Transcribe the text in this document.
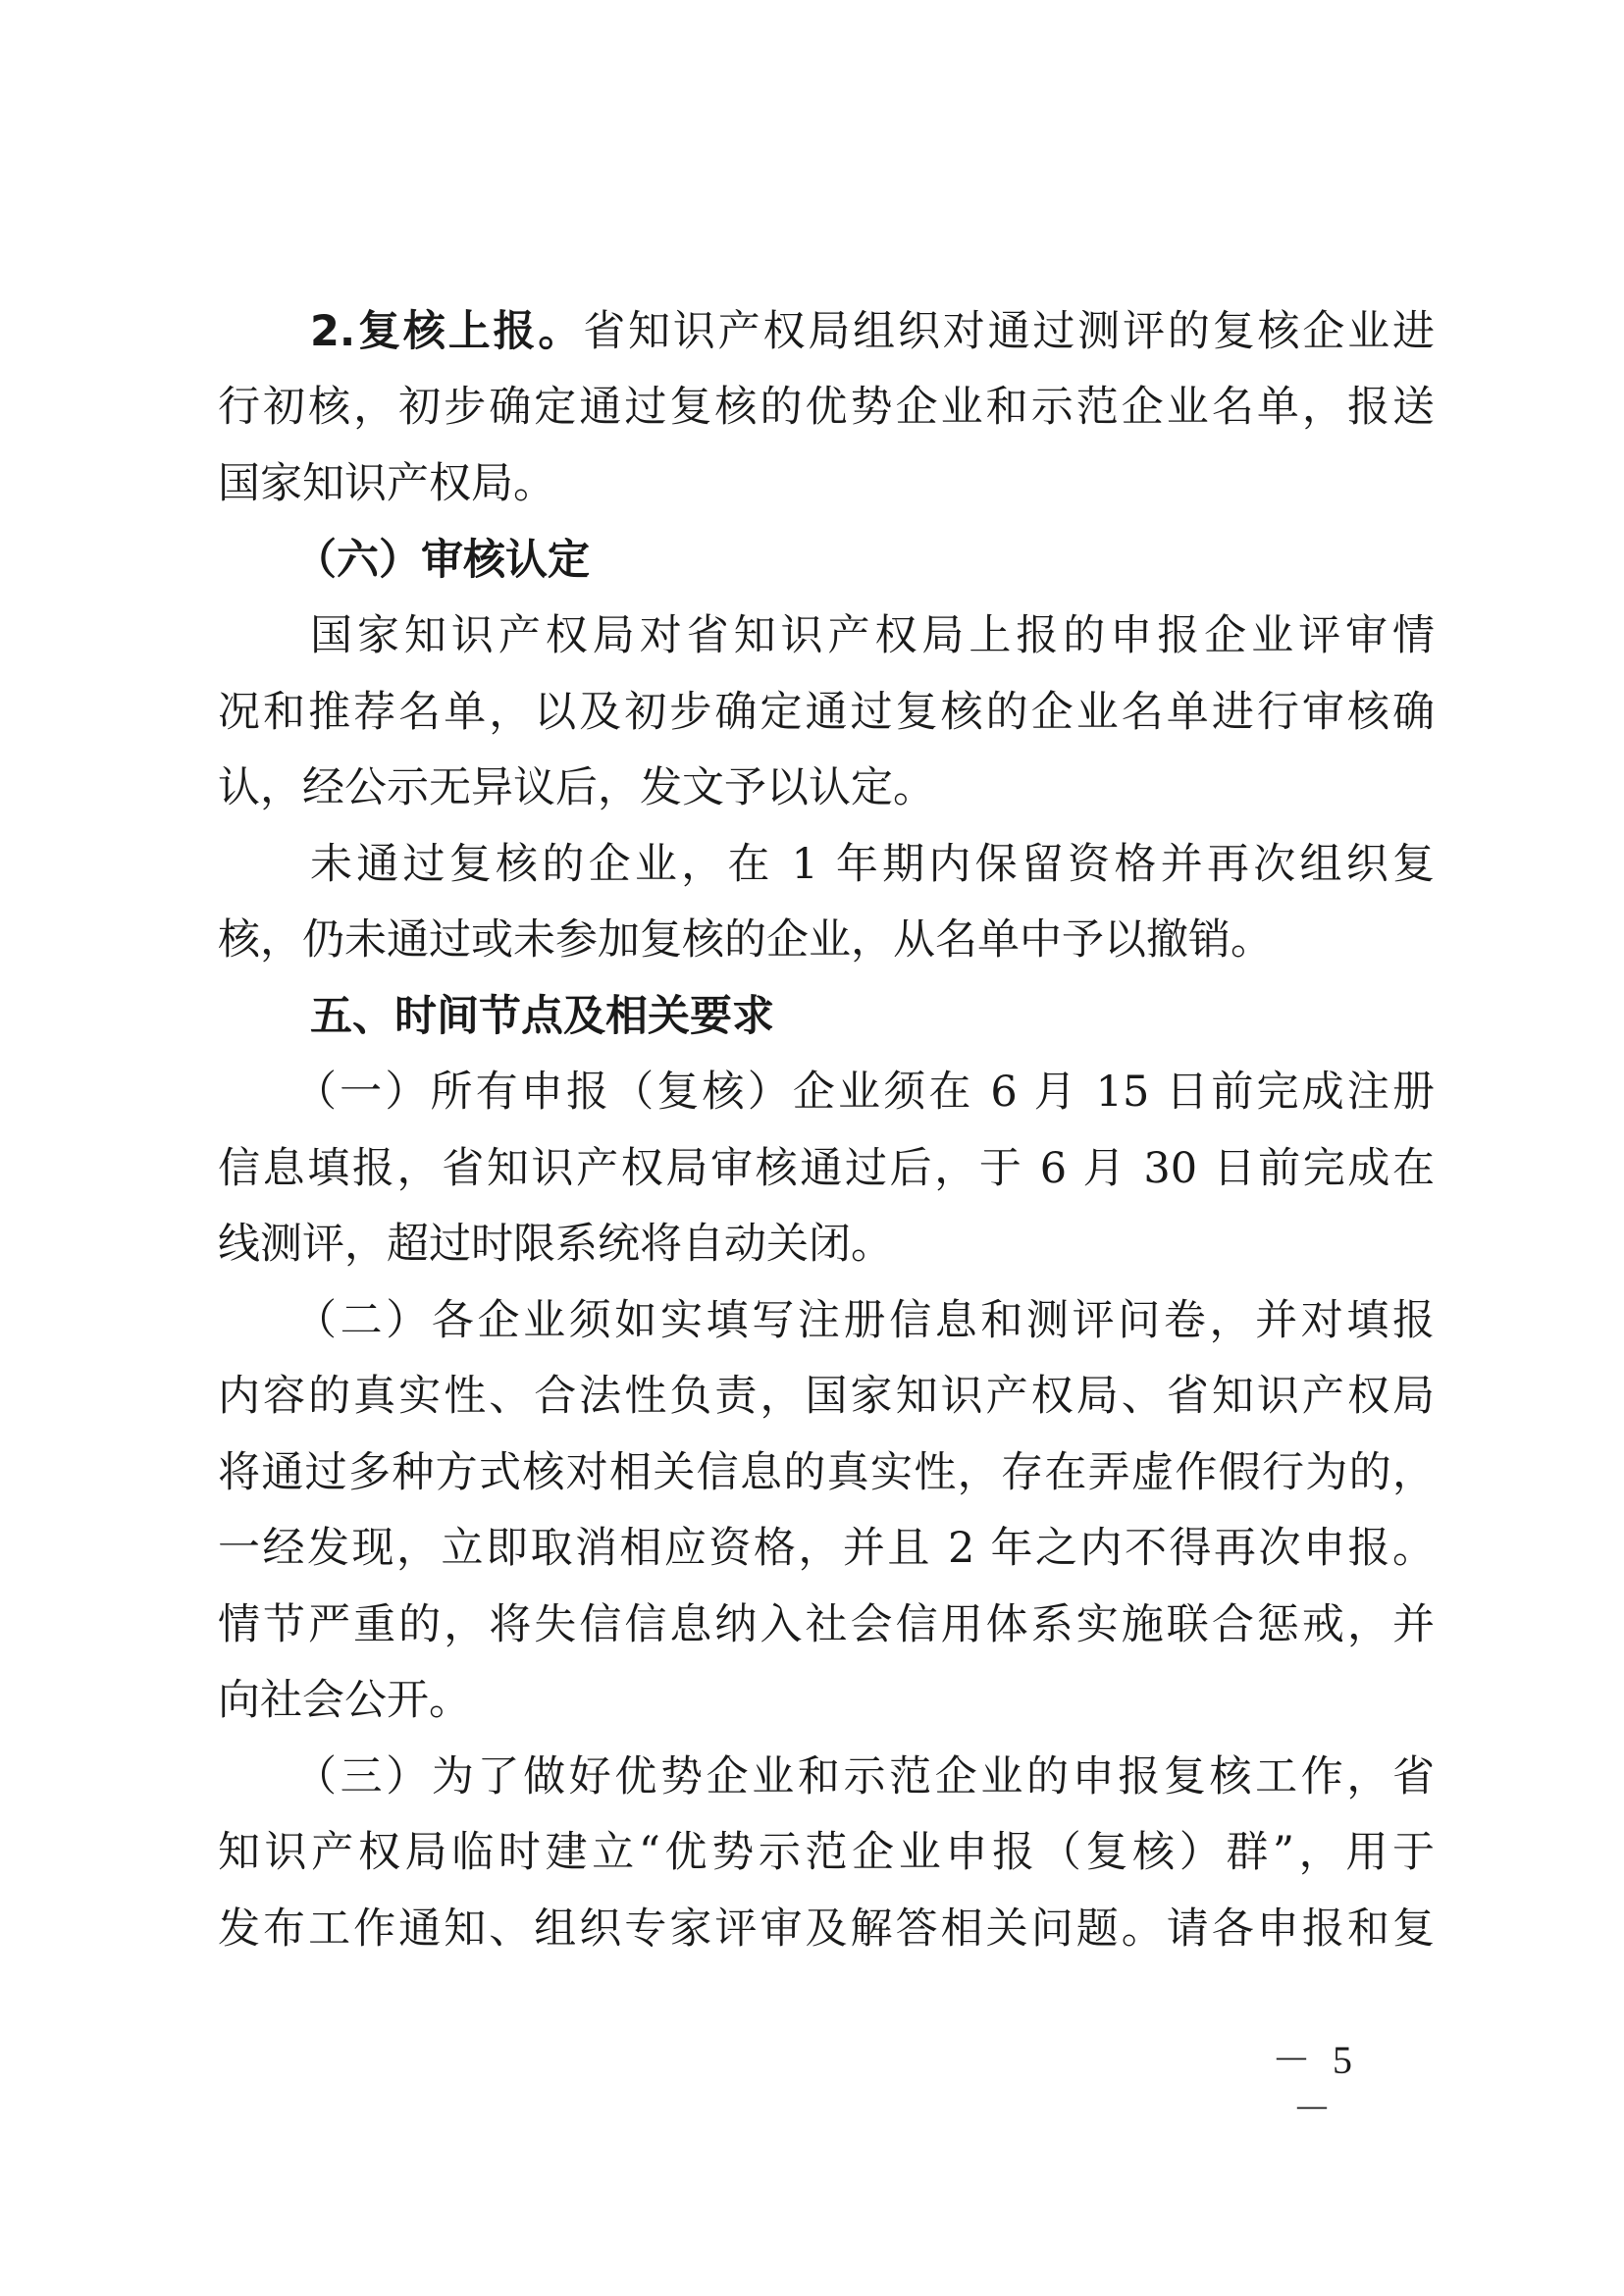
2.复核上报。省知识产权局组织对通过测评的复核企业进
行初核，初步确定通过复核的优势企业和示范企业名单，报送
国家知识产权局。
（六）审核认定
国家知识产权局对省知识产权局上报的申报企业评审情
况和推荐名单，以及初步确定通过复核的企业名单进行审核确
认，经公示无异议后，发文予以认定。
未通过复核的企业，在 1 年期内保留资格并再次组织复
核，仍未通过或未参加复核的企业，从名单中予以撤销。
五、时间节点及相关要求
（一）所有申报（复核）企业须在 6 月 15 日前完成注册
信息填报，省知识产权局审核通过后，于 6 月 30 日前完成在
线测评，超过时限系统将自动关闭。
（二）各企业须如实填写注册信息和测评问卷，并对填报
内容的真实性、合法性负责，国家知识产权局、省知识产权局
将通过多种方式核对相关信息的真实性，存在弄虚作假行为的，
一经发现，立即取消相应资格，并且 2 年之内不得再次申报。
情节严重的，将失信信息纳入社会信用体系实施联合惩戒，并
向社会公开。
（三）为了做好优势企业和示范企业的申报复核工作，省
知识产权局临时建立“优势示范企业申报（复核）群”，用于
发布工作通知、组织专家评审及解答相关问题。请各申报和复
－ 5 －
